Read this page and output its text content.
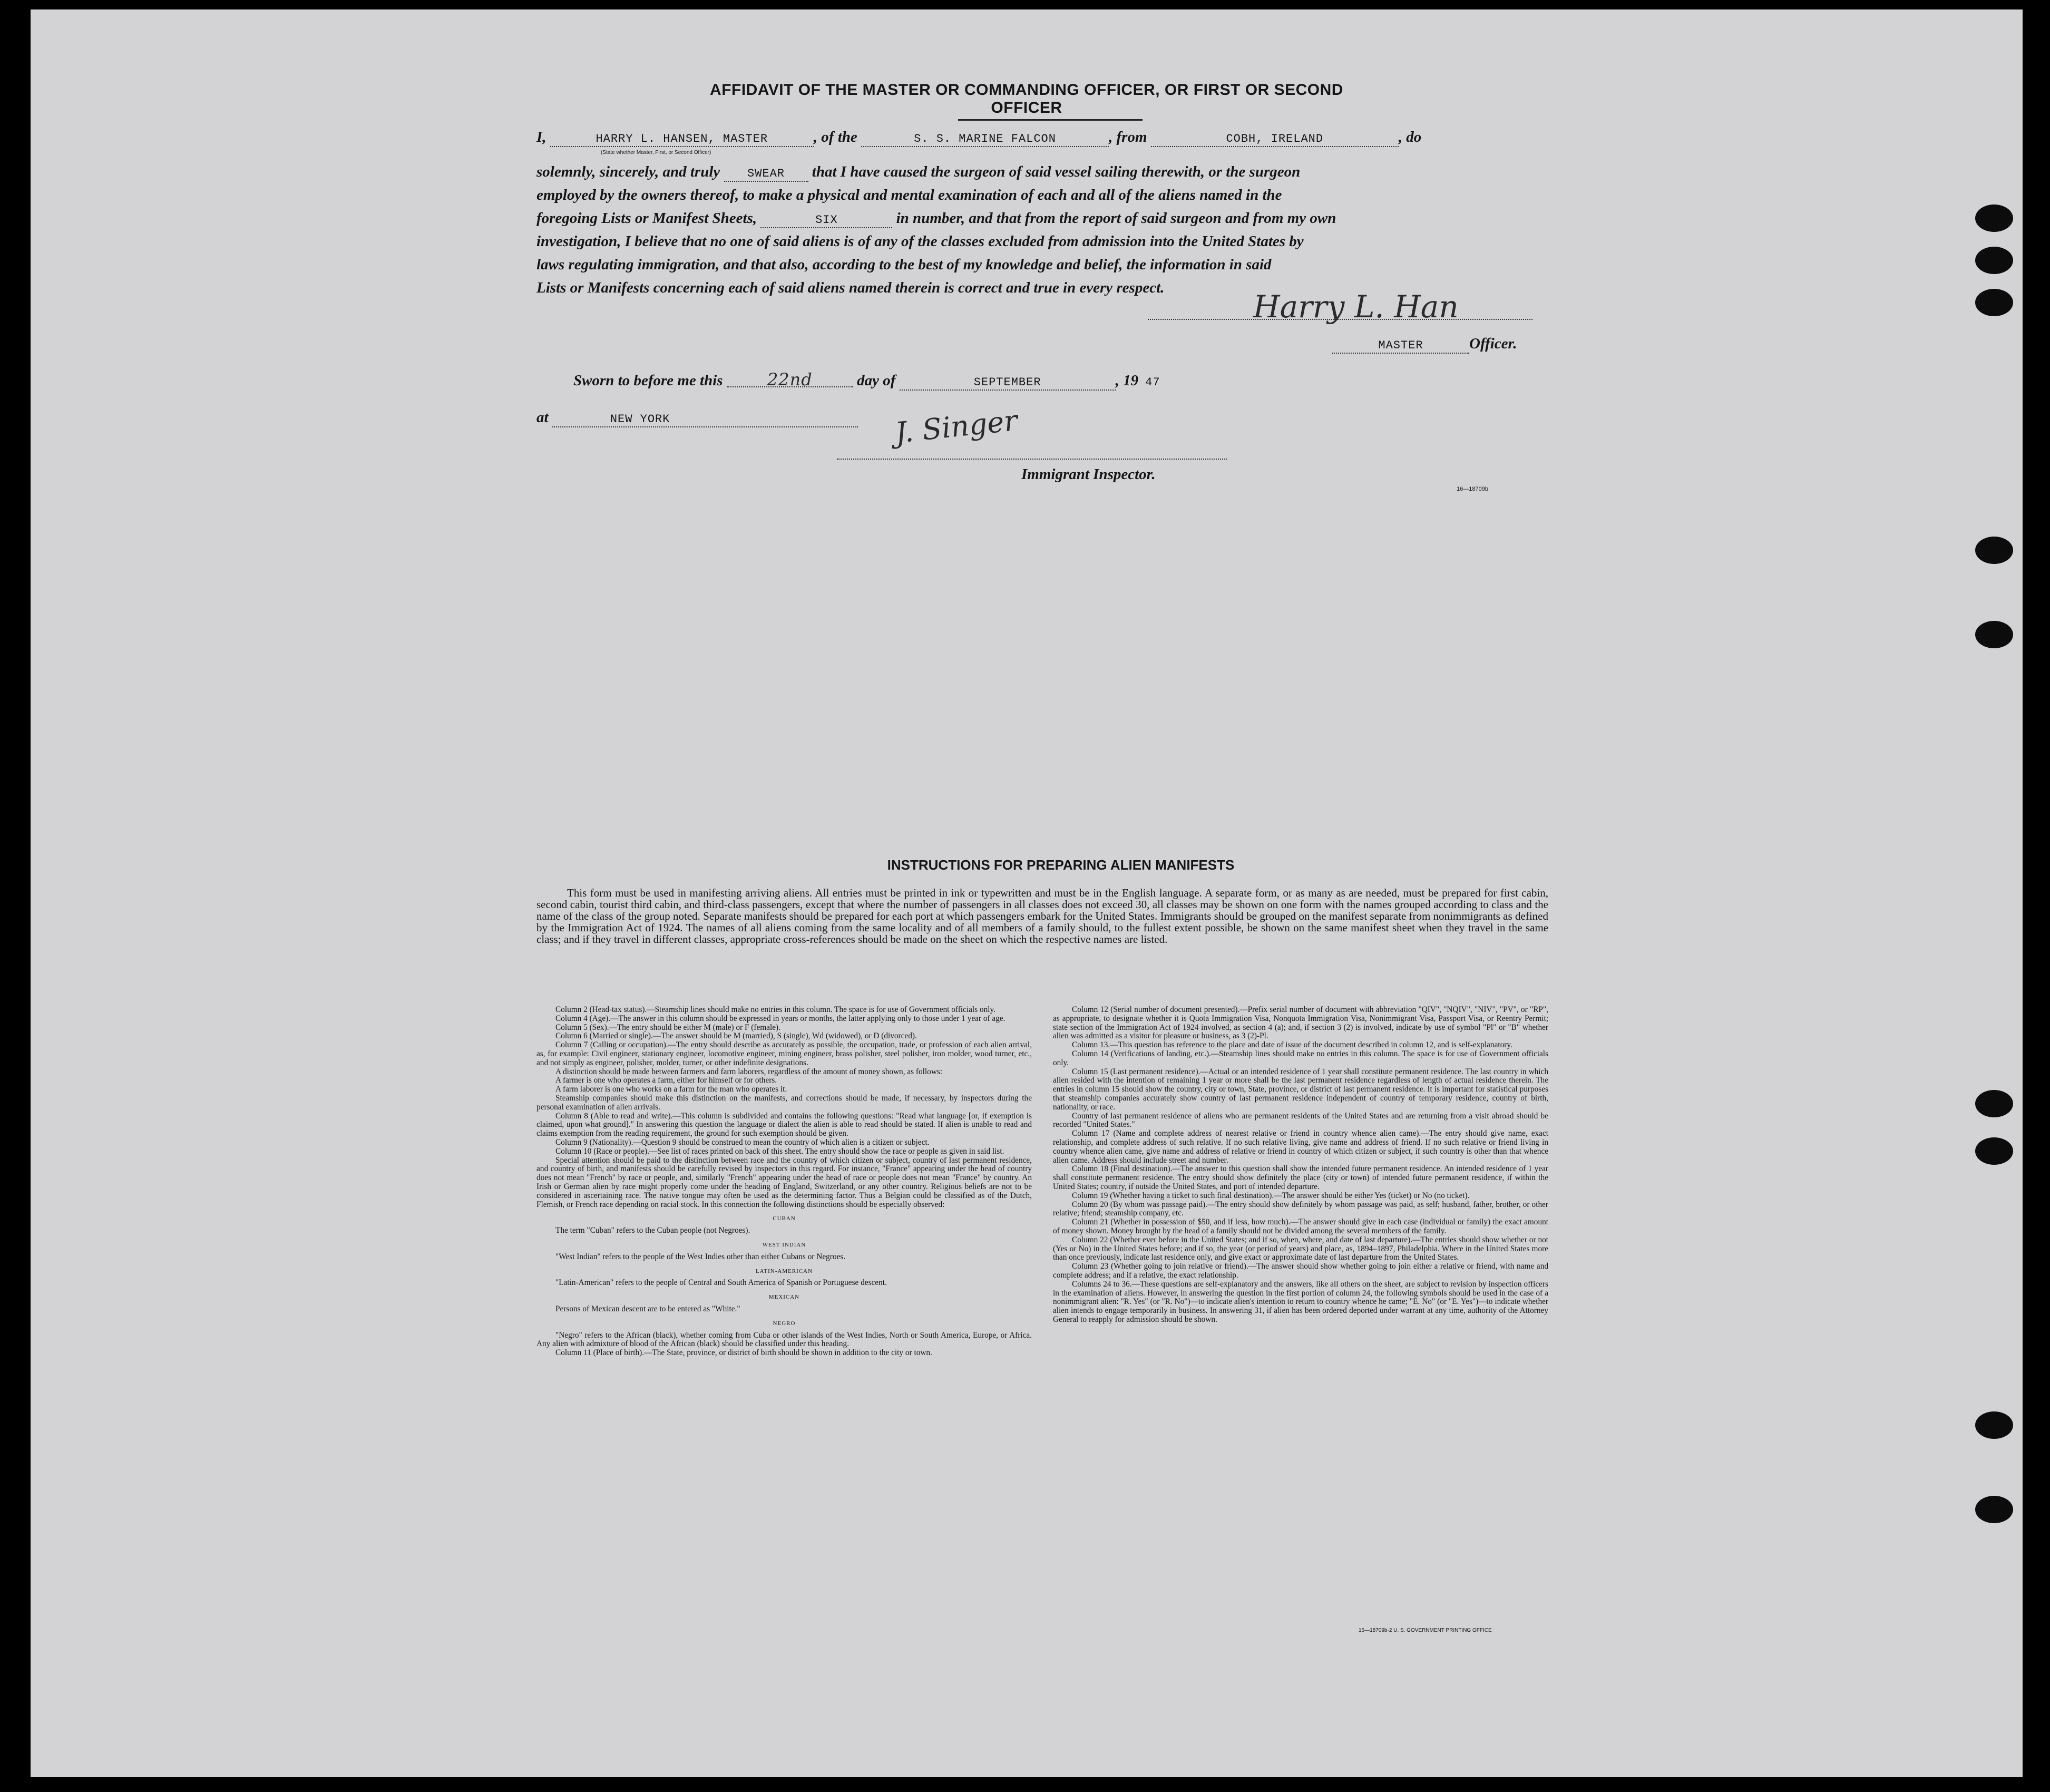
AFFIDAVIT OF THE MASTER OR COMMANDING OFFICER, OR FIRST OR SECOND OFFICER
I,	HARRY L. HANSEN, MASTER	, of the	S. S. MARINE FALCON	, from	COBH, IRELAND	, do
(State whether Master, First, or Second Officer)
solemnly, sincerely, and truly SWEAR that I have caused the surgeon of said vessel sailing therewith, or the surgeon
employed by the owners thereof, to make a physical and mental examination of each and all of the aliens named in the
foregoing Lists or Manifest Sheets,	SIX	in number, and that from the report of said surgeon and from my own
investigation, I believe that no one of said aliens is of any of the classes excluded from admission into the United States by
laws regulating immigration, and that also, according to the best of my knowledge and belief, the information in said
Lists or Manifests concerning each of said aliens named therein is correct and true in every respect.
Harry L. Han
MASTER	Officer.
Sworn to before me this	22nd	day of	SEPTEMBER	, 19 47
at	NEW YORK	J. Singer
Immigrant Inspector.
16—18709b
INSTRUCTIONS FOR PREPARING ALIEN MANIFESTS
This form must be used in manifesting arriving aliens. All entries must be printed in ink or typewritten and must be in the English language. A separate form, or as many as are needed, must be prepared for first cabin, second cabin, tourist third cabin, and third-class passengers, except that where the number of passengers in all classes does not exceed 30, all classes may be shown on one form with the names grouped according to class and the name of the class of the group noted. Separate manifests should be prepared for each port at which passengers embark for the United States. Immigrants should be grouped on the manifest separate from nonimmigrants as defined by the Immigration Act of 1924. The names of all aliens coming from the same locality and of all members of a family should, to the fullest extent possible, be shown on the same manifest sheet when they travel in the same class; and if they travel in different classes, appropriate cross-references should be made on the sheet on which the respective names are listed.

Column 2 (Head-tax status).—Steamship lines should make no entries in this column. The space is for use of Government officials only.

Column 4 (Age).—The answer in this column should be expressed in years or months, the latter applying only to those under 1 year of age.

Column 5 (Sex).—The entry should be either M (male) or F (female).

Column 6 (Married or single).—The answer should be M (married), S (single), Wd (widowed), or D (divorced).

Column 7 (Calling or occupation).—The entry should describe as accurately as possible, the occupation, trade, or profession of each alien arrival, as, for example: Civil engineer, stationary engineer, locomotive engineer, mining engineer, brass polisher, steel polisher, iron molder, wood turner, etc., and not simply as engineer, polisher, molder, turner, or other indefinite designations.

A distinction should be made between farmers and farm laborers, regardless of the amount of money shown, as follows:

A farmer is one who operates a farm, either for himself or for others.

A farm laborer is one who works on a farm for the man who operates it.

Steamship companies should make this distinction on the manifests, and corrections should be made, if necessary, by inspectors during the personal examination of alien arrivals.

Column 8 (Able to read and write).—This column is subdivided and contains the following questions: "Read what language [or, if exemption is claimed, upon what ground]." In answering this question the language or dialect the alien is able to read should be stated. If alien is unable to read and claims exemption from the reading requirement, the ground for such exemption should be given.

Column 9 (Nationality).—Question 9 should be construed to mean the country of which alien is a citizen or subject.

Column 10 (Race or people).—See list of races printed on back of this sheet. The entry should show the race or people as given in said list.

Special attention should be paid to the distinction between race and the country of which citizen or subject, country of last permanent residence, and country of birth, and manifests should be carefully revised by inspectors in this regard. For instance, "France" appearing under the head of country does not mean "French" by race or people, and, similarly "French" appearing under the head of race or people does not mean "France" by country. An Irish or German alien by race might properly come under the heading of England, Switzerland, or any other country. Religious beliefs are not to be considered in ascertaining race. The native tongue may often be used as the determining factor. Thus a Belgian could be classified as of the Dutch, Flemish, or French race depending on racial stock. In this connection the following distinctions should be especially observed:

CUBAN

The term "Cuban" refers to the Cuban people (not Negroes).

WEST INDIAN

"West Indian" refers to the people of the West Indies other than either Cubans or Negroes.

LATIN-AMERICAN

"Latin-American" refers to the people of Central and South America of Spanish or Portuguese descent.

MEXICAN

Persons of Mexican descent are to be entered as "White."

NEGRO

"Negro" refers to the African (black), whether coming from Cuba or other islands of the West Indies, North or South America, Europe, or Africa. Any alien with admixture of blood of the African (black) should be classified under this heading.

Column 11 (Place of birth).—The State, province, or district of birth should be shown in addition to the city or town.

Column 12 (Serial number of document presented).—Prefix serial number of document with abbreviation "QIV", "NQIV", "NIV", "PV", or "RP", as appropriate, to designate whether it is Quota Immigration Visa, Nonquota Immigration Visa, Nonimmigrant Visa, Passport Visa, or Reentry Permit; state section of the Immigration Act of 1924 involved, as section 4 (a); and, if section 3 (2) is involved, indicate by use of symbol "Pl" or "B" whether alien was admitted as a visitor for pleasure or business, as 3 (2)-Pl.

Column 13.—This question has reference to the place and date of issue of the document described in column 12, and is self-explanatory.

Column 14 (Verifications of landing, etc.).—Steamship lines should make no entries in this column. The space is for use of Government officials only.

Column 15 (Last permanent residence).—Actual or an intended residence of 1 year shall constitute permanent residence. The last country in which alien resided with the intention of remaining 1 year or more shall be the last permanent residence regardless of length of actual residence therein. The entries in column 15 should show the country, city or town, State, province, or district of last permanent residence. It is important for statistical purposes that steamship companies accurately show country of last permanent residence independent of country of temporary residence, country of birth, nationality, or race.

Country of last permanent residence of aliens who are permanent residents of the United States and are returning from a visit abroad should be recorded "United States."

Column 17 (Name and complete address of nearest relative or friend in country whence alien came).—The entry should give name, exact relationship, and complete address of such relative. If no such relative living, give name and address of friend. If no such relative or friend living in country whence alien came, give name and address of relative or friend in country of which citizen or subject, if such country is other than that whence alien came. Address should include street and number.

Column 18 (Final destination).—The answer to this question shall show the intended future permanent residence. An intended residence of 1 year shall constitute permanent residence. The entry should show definitely the place (city or town) of intended future permanent residence, if within the United States; country, if outside the United States, and port of intended departure.

Column 19 (Whether having a ticket to such final destination).—The answer should be either Yes (ticket) or No (no ticket).

Column 20 (By whom was passage paid).—The entry should show definitely by whom passage was paid, as self; husband, father, brother, or other relative; friend; steamship company, etc.

Column 21 (Whether in possession of $50, and if less, how much).—The answer should give in each case (individual or family) the exact amount of money shown. Money brought by the head of a family should not be divided among the several members of the family.

Column 22 (Whether ever before in the United States; and if so, when, where, and date of last departure).—The entries should show whether or not (Yes or No) in the United States before; and if so, the year (or period of years) and place, as, 1894–1897, Philadelphia. Where in the United States more than once previously, indicate last residence only, and give exact or approximate date of last departure from the United States.

Column 23 (Whether going to join relative or friend).—The answer should show whether going to join either a relative or friend, with name and complete address; and if a relative, the exact relationship.

Columns 24 to 36.—These questions are self-explanatory and the answers, like all others on the sheet, are subject to revision by inspection officers in the examination of aliens. However, in answering the question in the first portion of column 24, the following symbols should be used in the case of a nonimmigrant alien: "R. Yes" (or "R. No")—to indicate alien's intention to return to country whence he came; "E. No" (or "E. Yes")—to indicate whether alien intends to engage temporarily in business. In answering 31, if alien has been ordered deported under warrant at any time, authority of the Attorney General to reapply for admission should be shown.

16—18709b-2 U. S. GOVERNMENT PRINTING OFFICE
